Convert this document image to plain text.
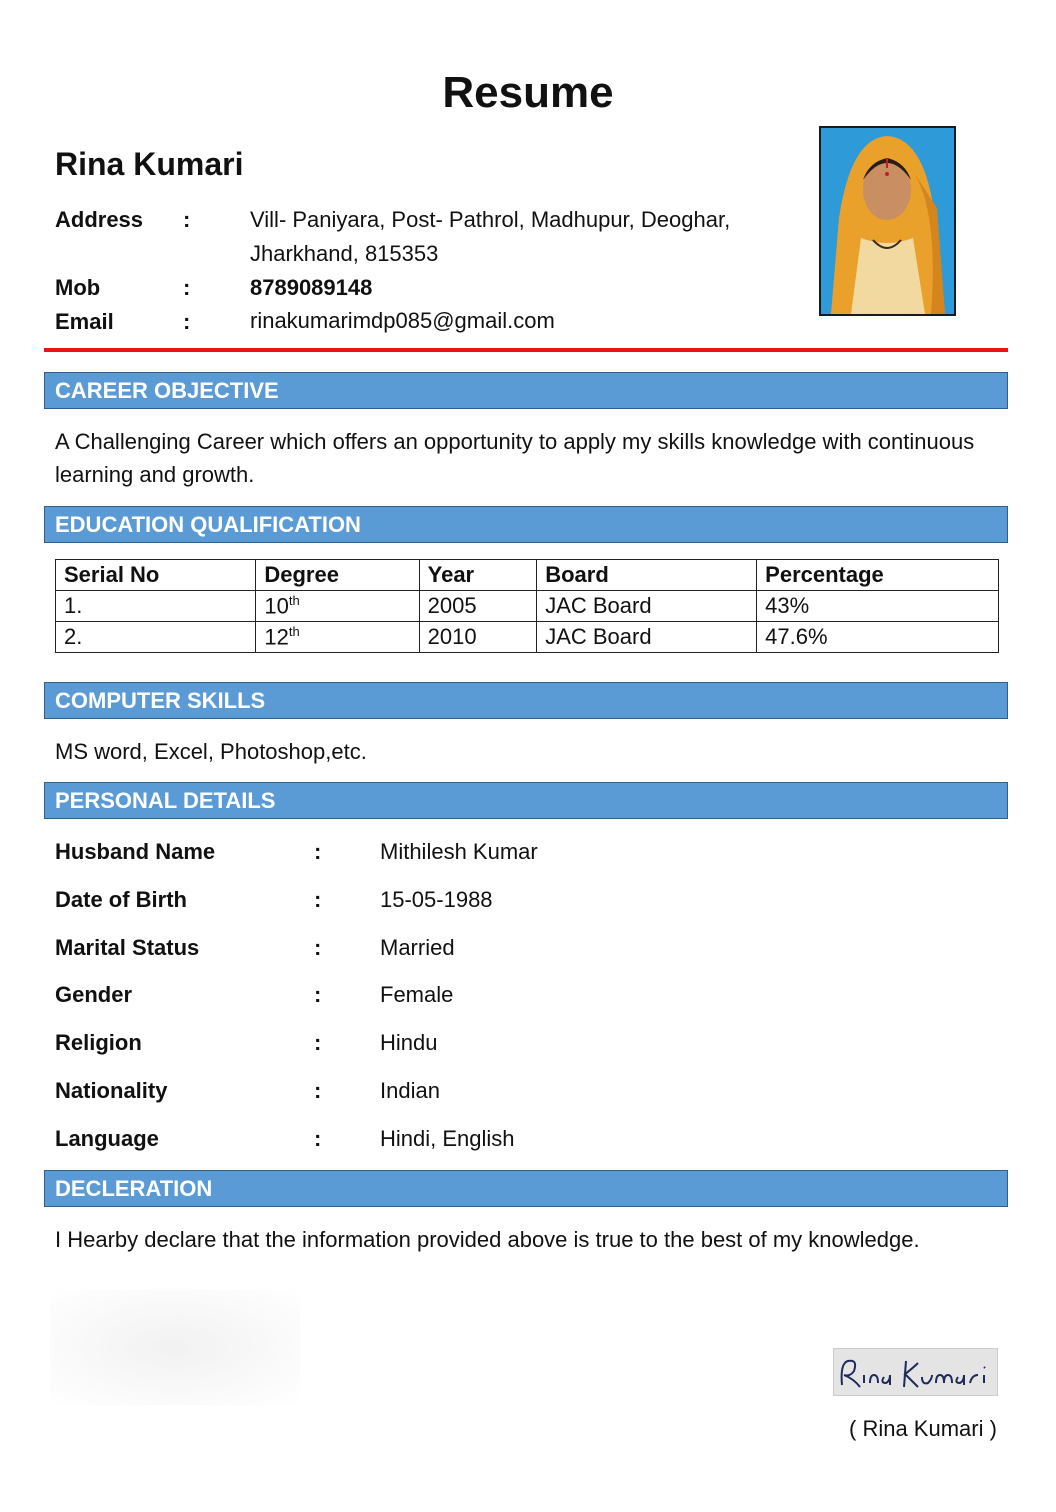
Resume
Rina Kumari
Address :	Vill- Paniyara, Post- Pathrol, Madhupur, Deoghar,
Jharkhand, 815353
Mob	:	8789089148
Email	:	rinakumarimdp085@gmail.com
CAREER OBJECTIVE
A Challenging Career which offers an opportunity to apply my skills knowledge with continuous learning and growth.
EDUCATION QUALIFICATION
Serial No	Degree	Year	Board	Percentage
1.	10th	2005	JAC Board	43%
2.	12th	2010	JAC Board	47.6%
COMPUTER SKILLS
MS word, Excel, Photoshop,etc.
PERSONAL DETAILS
Husband Name	:	Mithilesh Kumar
Date of Birth	:	15-05-1988
Marital Status	:	Married
Gender	:	Female
Religion	:	Hindu
Nationality	:	Indian
Language	:	Hindi, English
DECLERATION
I Hearby declare that the information provided above is true to the best of my knowledge.
( Rina Kumari )
